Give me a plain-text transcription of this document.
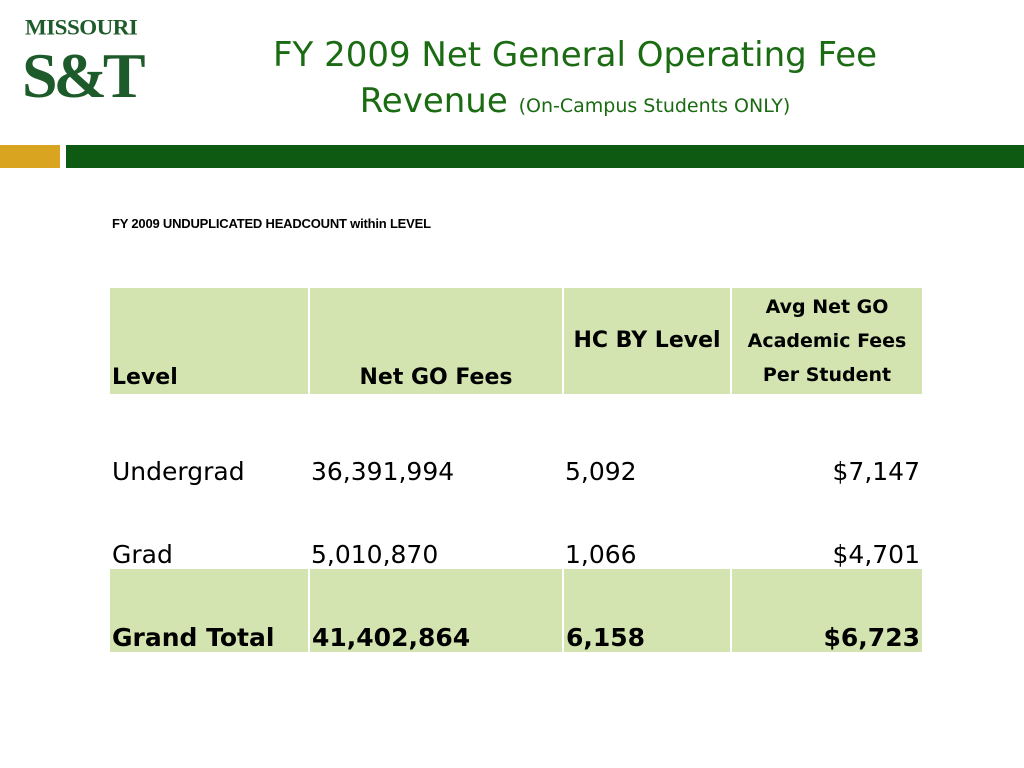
MISSOURI
S&T	FY 2009 Net General Operating Fee Revenue (On-Campus Students ONLY)
FY 2009 UNDUPLICATED HEADCOUNT within LEVEL
Level	Net GO Fees	HC BY Level	Avg Net GO Academic Fees Per Student
Undergrad	36,391,994	5,092	$7,147
Grad	5,010,870	1,066	$4,701
Grand Total	41,402,864	6,158	$6,723
